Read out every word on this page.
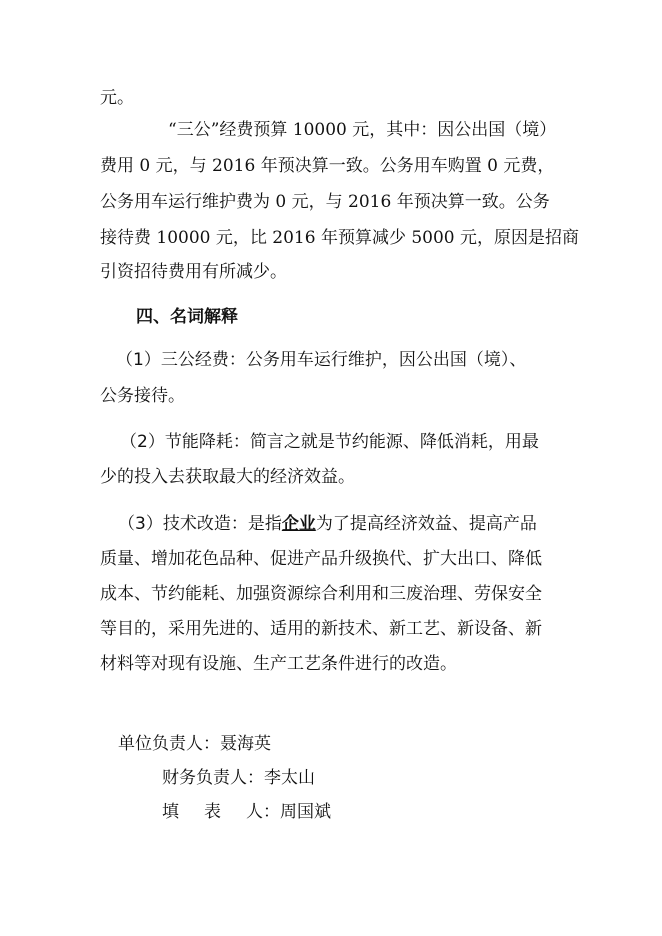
元。
“三公”经费预算 10000 元，其中：因公出国（境）
费用 0 元，与 2016 年预决算一致。公务用车购置 0 元费，
公务用车运行维护费为 0 元，与 2016 年预决算一致。公务
接待费 10000 元，比 2016 年预算减少 5000 元，原因是招商
引资招待费用有所减少。
四、名词解释
（1）三公经费：公务用车运行维护，因公出国（境）、
公务接待。
（2）节能降耗：简言之就是节约能源、降低消耗，用最
少的投入去获取最大的经济效益。
（3）技术改造：是指企业为了提高经济效益、提高产品
质量、增加花色品种、促进产品升级换代、扩大出口、降低
成本、节约能耗、加强资源综合利用和三废治理、劳保安全
等目的，采用先进的、适用的新技术、新工艺、新设备、新
材料等对现有设施、生产工艺条件进行的改造。
单位负责人：聂海英
财务负责人：李太山
填 表 人：周国斌
